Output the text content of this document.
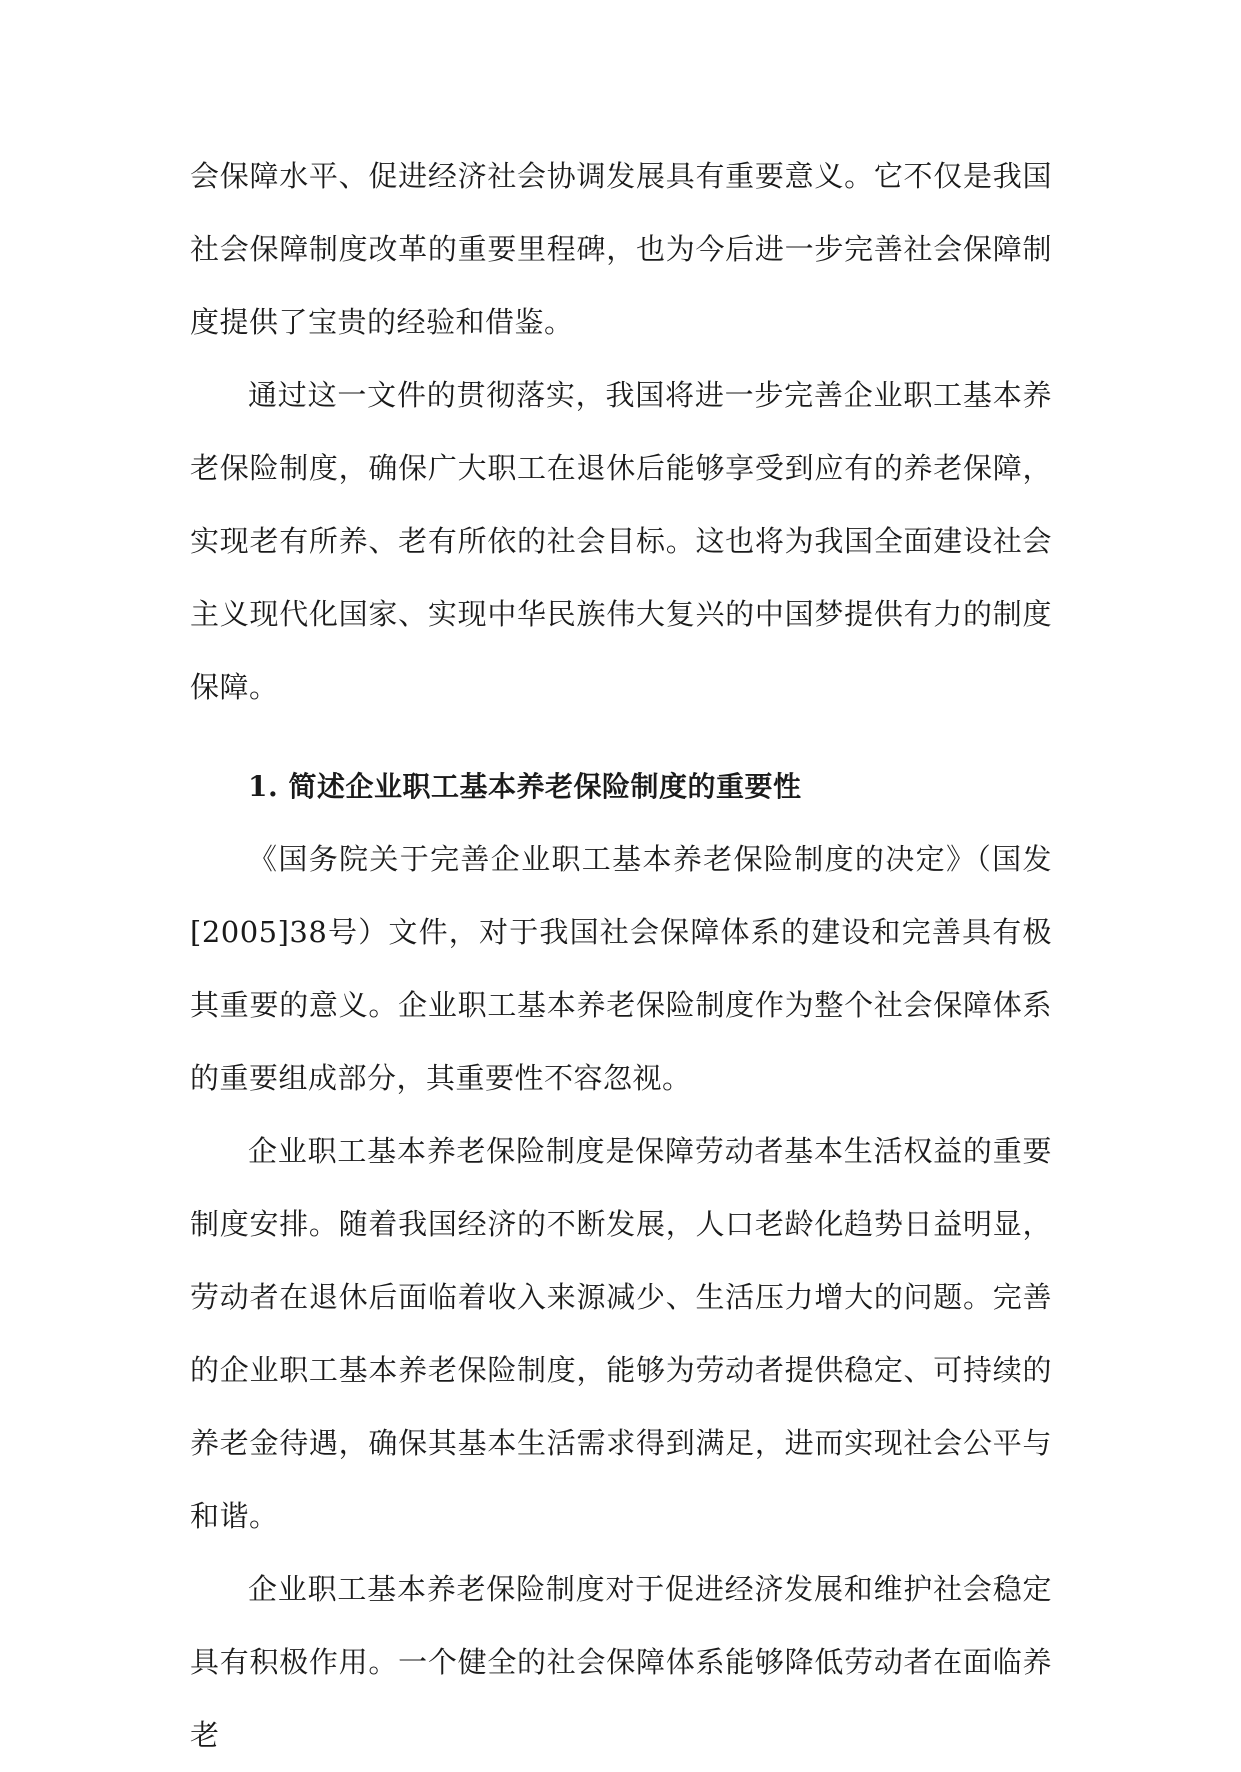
会保障水平、促进经济社会协调发展具有重要意义。它不仅是我国社会保障制度改革的重要里程碑，也为今后进一步完善社会保障制度提供了宝贵的经验和借鉴。

通过这一文件的贯彻落实，我国将进一步完善企业职工基本养老保险制度，确保广大职工在退休后能够享受到应有的养老保障，实现老有所养、老有所依的社会目标。这也将为我国全面建设社会主义现代化国家、实现中华民族伟大复兴的中国梦提供有力的制度保障。

1. 简述企业职工基本养老保险制度的重要性

《国务院关于完善企业职工基本养老保险制度的决定》（国发[2005]38号）文件，对于我国社会保障体系的建设和完善具有极其重要的意义。企业职工基本养老保险制度作为整个社会保障体系的重要组成部分，其重要性不容忽视。

企业职工基本养老保险制度是保障劳动者基本生活权益的重要制度安排。随着我国经济的不断发展，人口老龄化趋势日益明显，劳动者在退休后面临着收入来源减少、生活压力增大的问题。完善的企业职工基本养老保险制度，能够为劳动者提供稳定、可持续的养老金待遇，确保其基本生活需求得到满足，进而实现社会公平与和谐。

企业职工基本养老保险制度对于促进经济发展和维护社会稳定具有积极作用。一个健全的社会保障体系能够降低劳动者在面临养老
